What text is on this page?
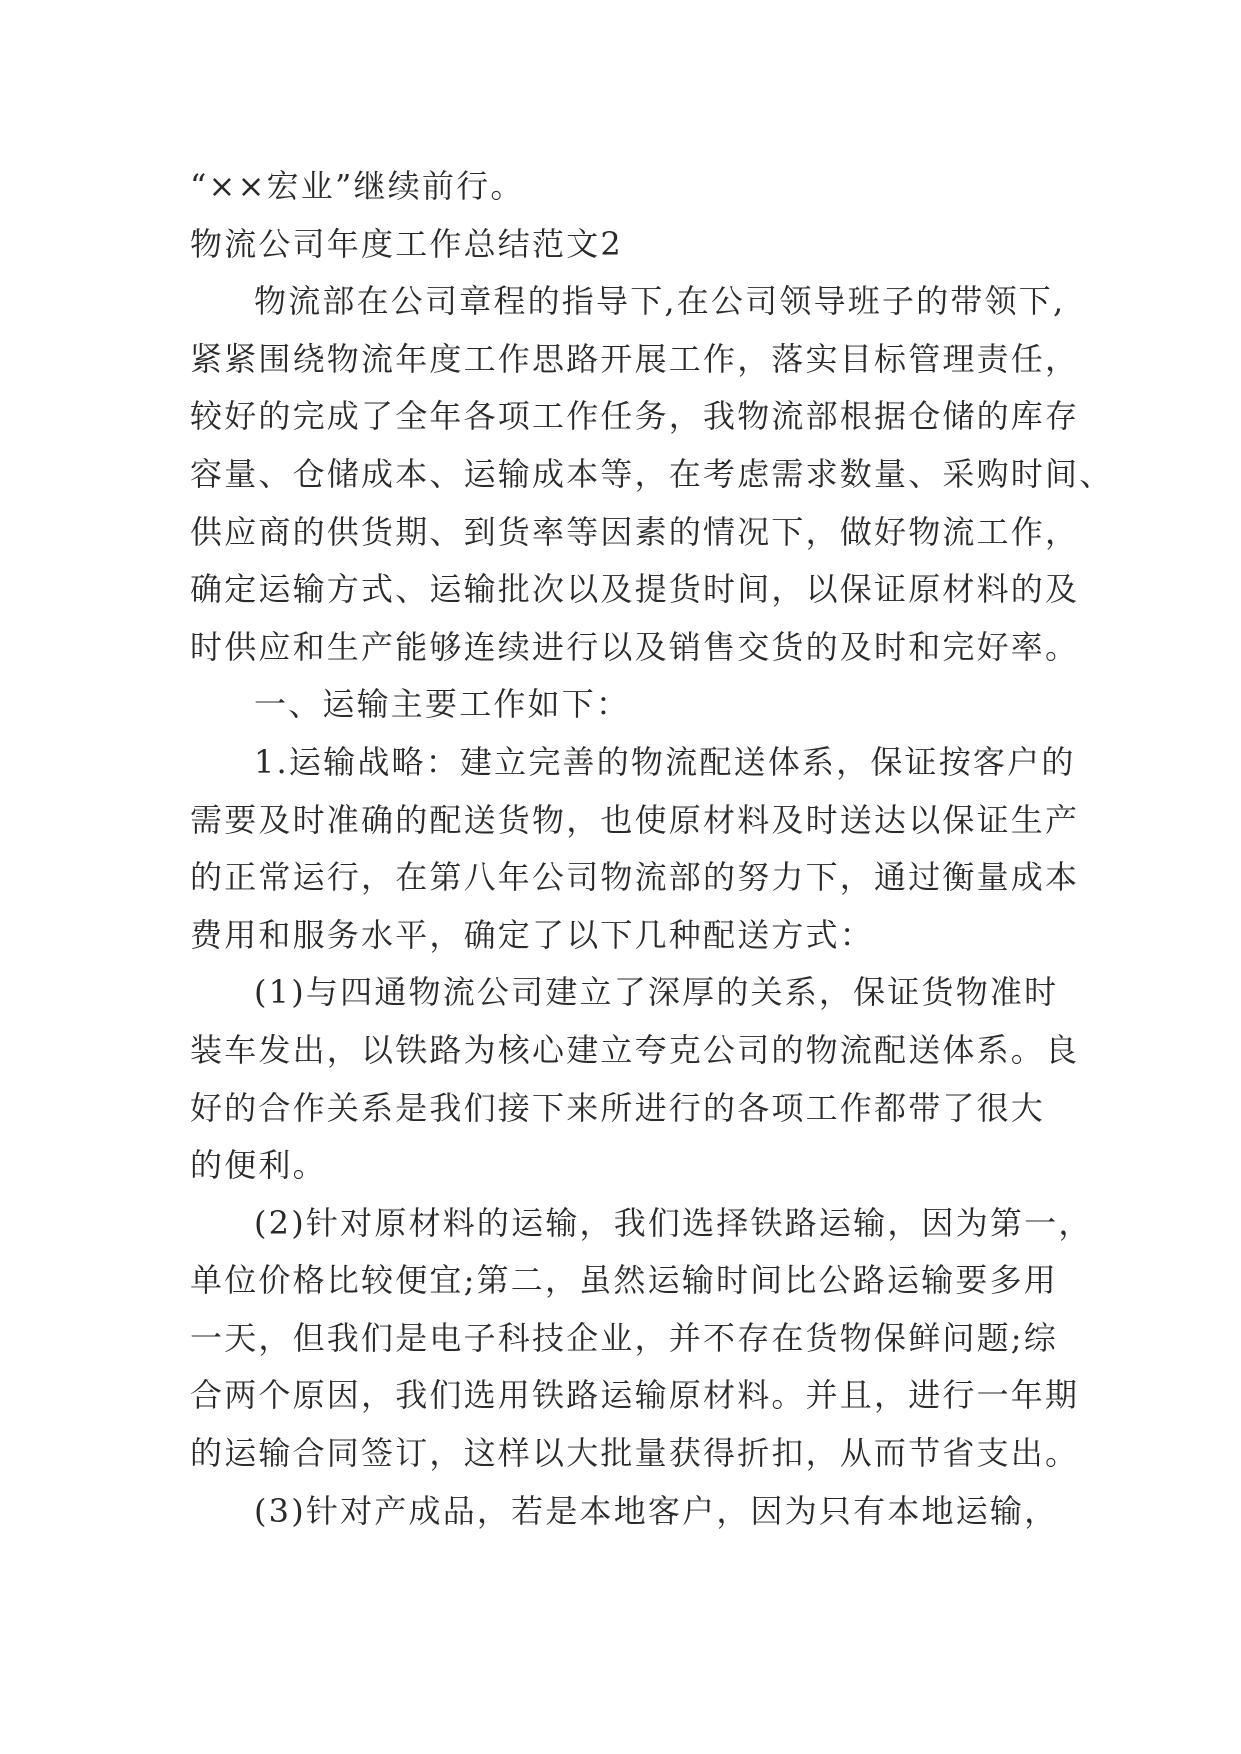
“××宏业”继续前行。
物流公司年度工作总结范文2
物流部在公司章程的指导下,在公司领导班子的带领下,
紧紧围绕物流年度工作思路开展工作，落实目标管理责任，
较好的完成了全年各项工作任务，我物流部根据仓储的库存
容量、仓储成本、运输成本等，在考虑需求数量、采购时间、
供应商的供货期、到货率等因素的情况下，做好物流工作，
确定运输方式、运输批次以及提货时间，以保证原材料的及
时供应和生产能够连续进行以及销售交货的及时和完好率。
一、运输主要工作如下：
1.运输战略：建立完善的物流配送体系，保证按客户的
需要及时准确的配送货物，也使原材料及时送达以保证生产
的正常运行，在第八年公司物流部的努力下，通过衡量成本
费用和服务水平，确定了以下几种配送方式：
(1)与四通物流公司建立了深厚的关系，保证货物准时
装车发出，以铁路为核心建立夸克公司的物流配送体系。良
好的合作关系是我们接下来所进行的各项工作都带了很大
的便利。
(2)针对原材料的运输，我们选择铁路运输，因为第一，
单位价格比较便宜;第二，虽然运输时间比公路运输要多用
一天，但我们是电子科技企业，并不存在货物保鲜问题;综
合两个原因，我们选用铁路运输原材料。并且，进行一年期
的运输合同签订，这样以大批量获得折扣，从而节省支出。
(3)针对产成品，若是本地客户，因为只有本地运输，
